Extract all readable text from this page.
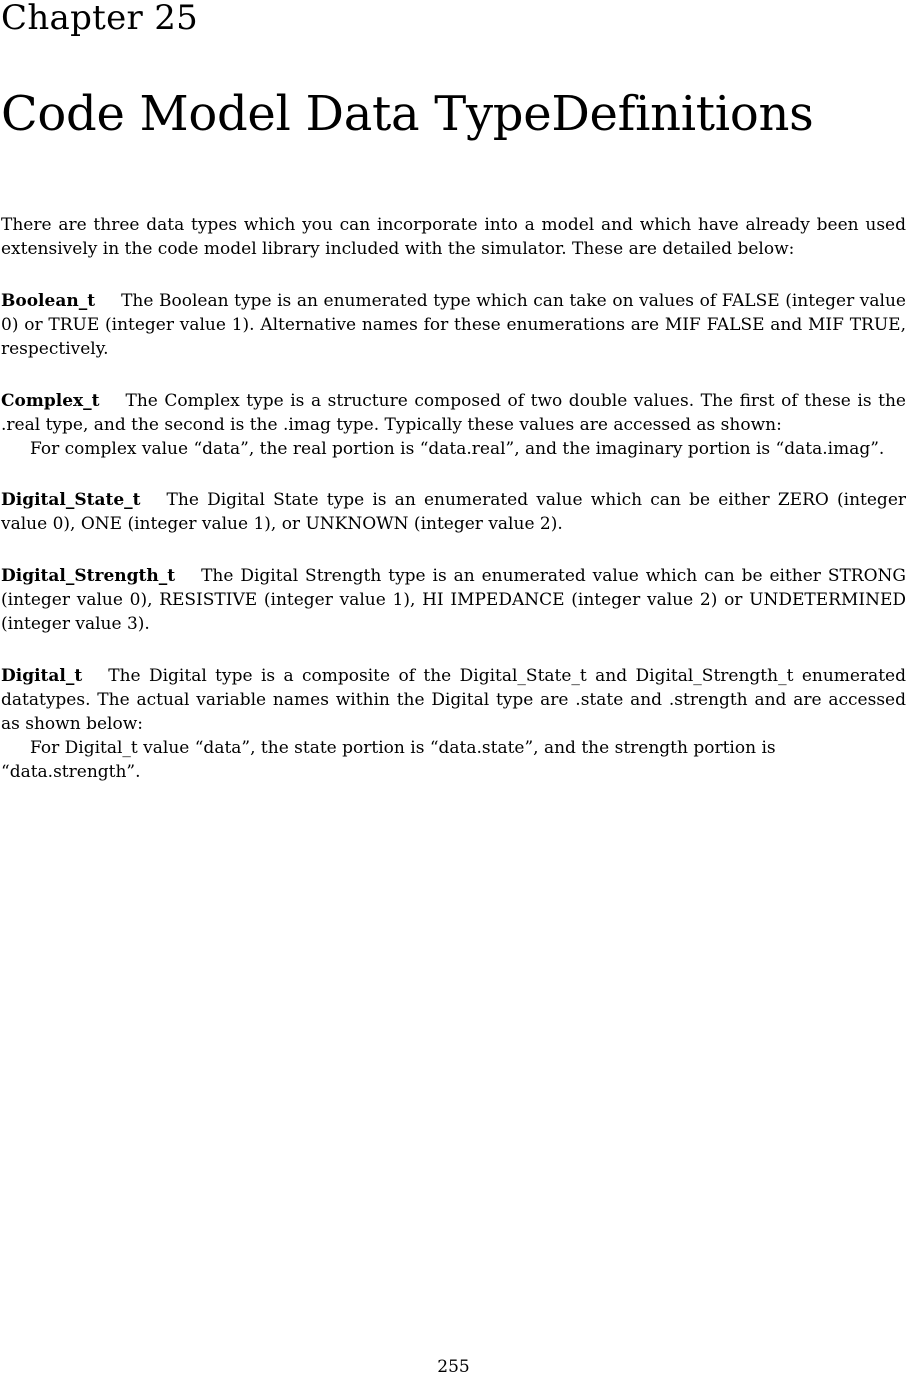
Chapter 25
Code Model Data TypeDefinitions

There are three data types which you can incorporate into a model and which have already been used extensively in the code model library included with the simulator. These are detailed below:

Boolean_t The Boolean type is an enumerated type which can take on values of FALSE (integer value 0) or TRUE (integer value 1). Alternative names for these enumerations are MIF FALSE and MIF TRUE, respectively.

Complex_t The Complex type is a structure composed of two double values. The first of these is the .real type, and the second is the .imag type. Typically these values are accessed as shown:

For complex value “data”, the real portion is “data.real”, and the imaginary portion is “data.imag”.

Digital_State_t The Digital State type is an enumerated value which can be either ZERO (integer value 0), ONE (integer value 1), or UNKNOWN (integer value 2).

Digital_Strength_t The Digital Strength type is an enumerated value which can be either STRONG (integer value 0), RESISTIVE (integer value 1), HI IMPEDANCE (integer value 2) or UNDETERMINED (integer value 3).

Digital_t The Digital type is a composite of the Digital_State_t and Digital_Strength_t enumerated datatypes. The actual variable names within the Digital type are .state and .strength and are accessed as shown below:

For Digital_t value “data”, the state portion is “data.state”, and the strength portion is “data.strength”.

255
